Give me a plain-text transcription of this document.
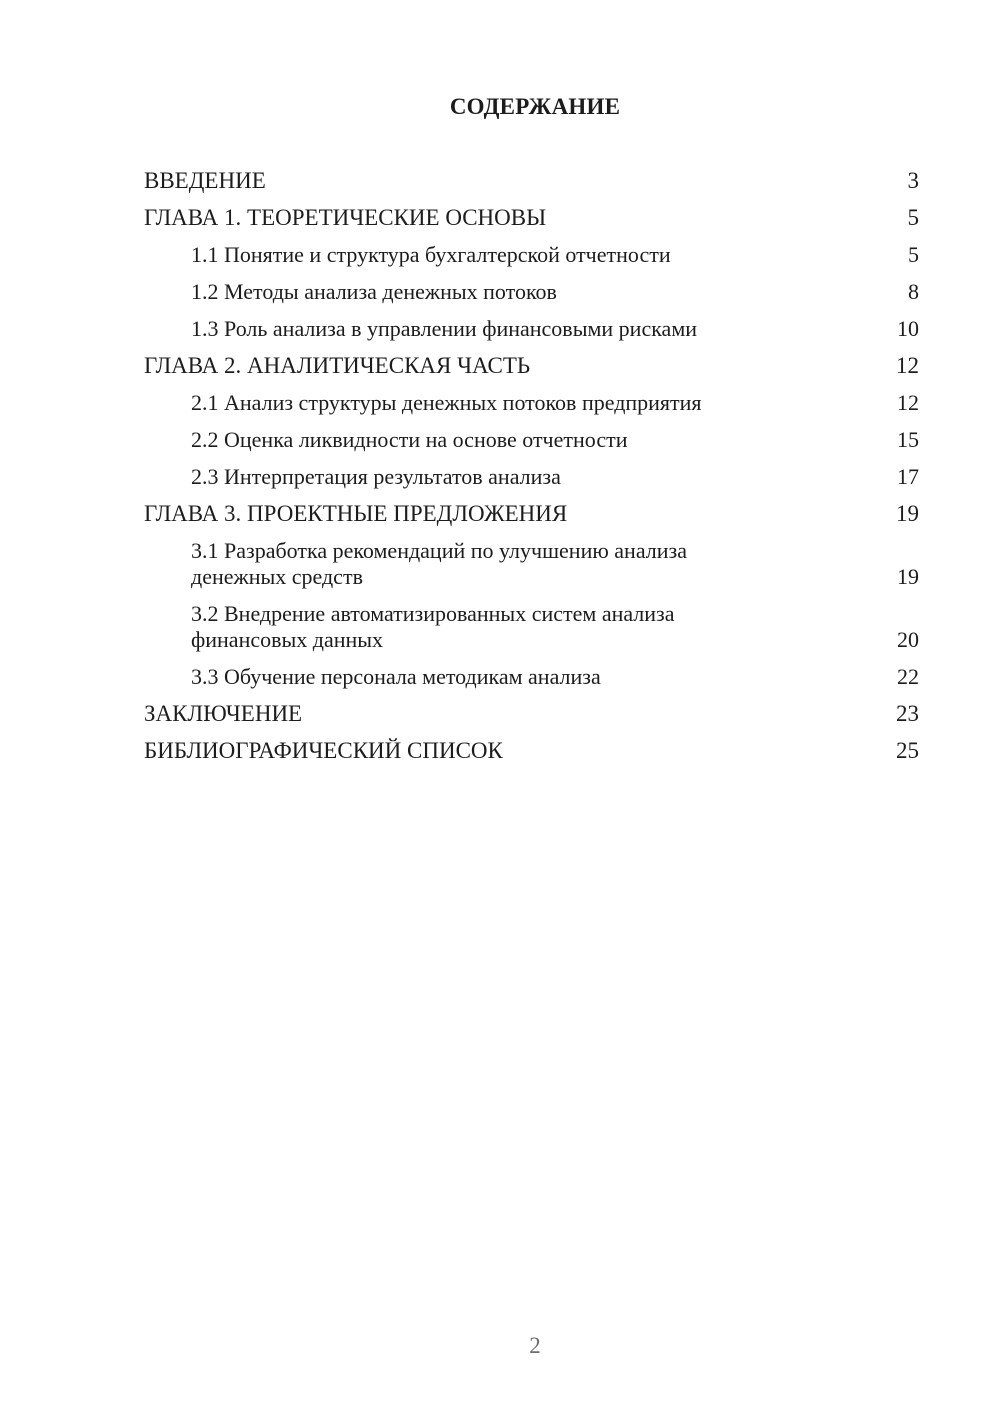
СОДЕРЖАНИЕ
ВВЕДЕНИЕ	3
ГЛАВА 1. ТЕОРЕТИЧЕСКИЕ ОСНОВЫ	5
1.1 Понятие и структура бухгалтерской отчетности	5
1.2 Методы анализа денежных потоков	8
1.3 Роль анализа в управлении финансовыми рисками	10
ГЛАВА 2. АНАЛИТИЧЕСКАЯ ЧАСТЬ	12
2.1 Анализ структуры денежных потоков предприятия	12
2.2 Оценка ликвидности на основе отчетности	15
2.3 Интерпретация результатов анализа	17
ГЛАВА 3. ПРОЕКТНЫЕ ПРЕДЛОЖЕНИЯ	19
3.1 Разработка рекомендаций по улучшению анализа денежных средств	19
3.2 Внедрение автоматизированных систем анализа финансовых данных	20
3.3 Обучение персонала методикам анализа	22
ЗАКЛЮЧЕНИЕ	23
БИБЛИОГРАФИЧЕСКИЙ СПИСОК	25
2
